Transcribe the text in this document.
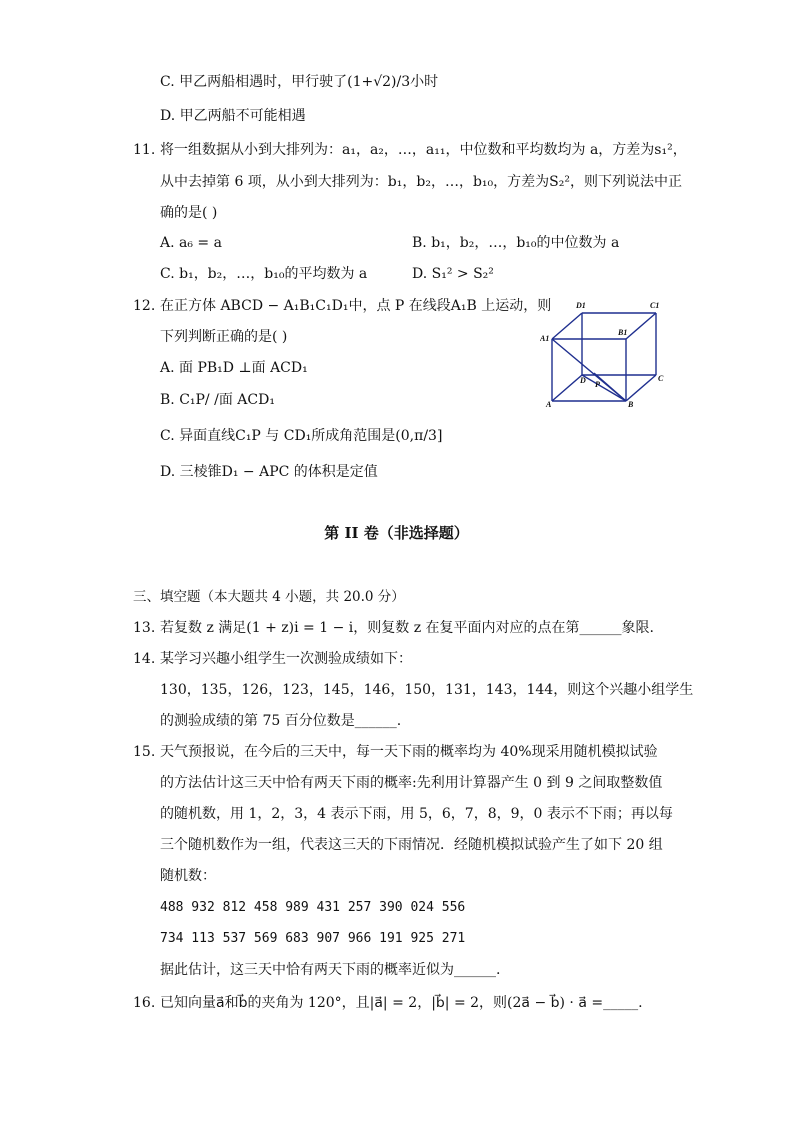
C. 甲乙两船相遇时，甲行驶了(1+√2)/3小时
D. 甲乙两船不可能相遇
11. 将一组数据从小到大排列为：a₁，a₂，…，a₁₁，中位数和平均数均为 a，方差为s₁²，
从中去掉第 6 项，从小到大排列为：b₁，b₂，…，b₁₀，方差为S₂²，则下列说法中正
确的是( )
A. a₆ = a	B. b₁，b₂，…，b₁₀的中位数为 a
C. b₁，b₂，…，b₁₀的平均数为 a	D. S₁² > S₂²
12. 在正方体 ABCD − A₁B₁C₁D₁中，点 P 在线段A₁B 上运动，则
下列判断正确的是( )
A. 面 PB₁D ⊥面 ACD₁
B. C₁P/ /面 ACD₁
C. 异面直线C₁P 与 CD₁所成角范围是(0,π/3]
D. 三棱锥D₁ − APC 的体积是定值
D1	C1
A1
B1
D	C
A	B
P
第 II 卷（非选择题）
三、填空题（本大题共 4 小题，共 20.0 分）
13. 若复数 z 满足(1 + z)i = 1 − i，则复数 z 在复平面内对应的点在第______象限.
14. 某学习兴趣小组学生一次测验成绩如下：
130，135，126，123，145，146，150，131，143，144，则这个兴趣小组学生
的测验成绩的第 75 百分位数是______.
15. 天气预报说，在今后的三天中，每一天下雨的概率均为 40%现采用随机模拟试验
的方法估计这三天中恰有两天下雨的概率:先利用计算器产生 0 到 9 之间取整数值
的随机数，用 1，2，3，4 表示下雨，用 5，6，7，8，9，0 表示不下雨；再以每
三个随机数作为一组，代表这三天的下雨情况．经随机模拟试验产生了如下 20 组
随机数：
488 932 812 458 989 431 257 390 024 556
734 113 537 569 683 907 966 191 925 271
据此估计，这三天中恰有两天下雨的概率近似为______.
16. 已知向量a⃗和b⃗的夹角为 120°，且|a⃗| = 2，|b⃗| = 2，则(2a⃗ − b⃗) · a⃗ =_____.
